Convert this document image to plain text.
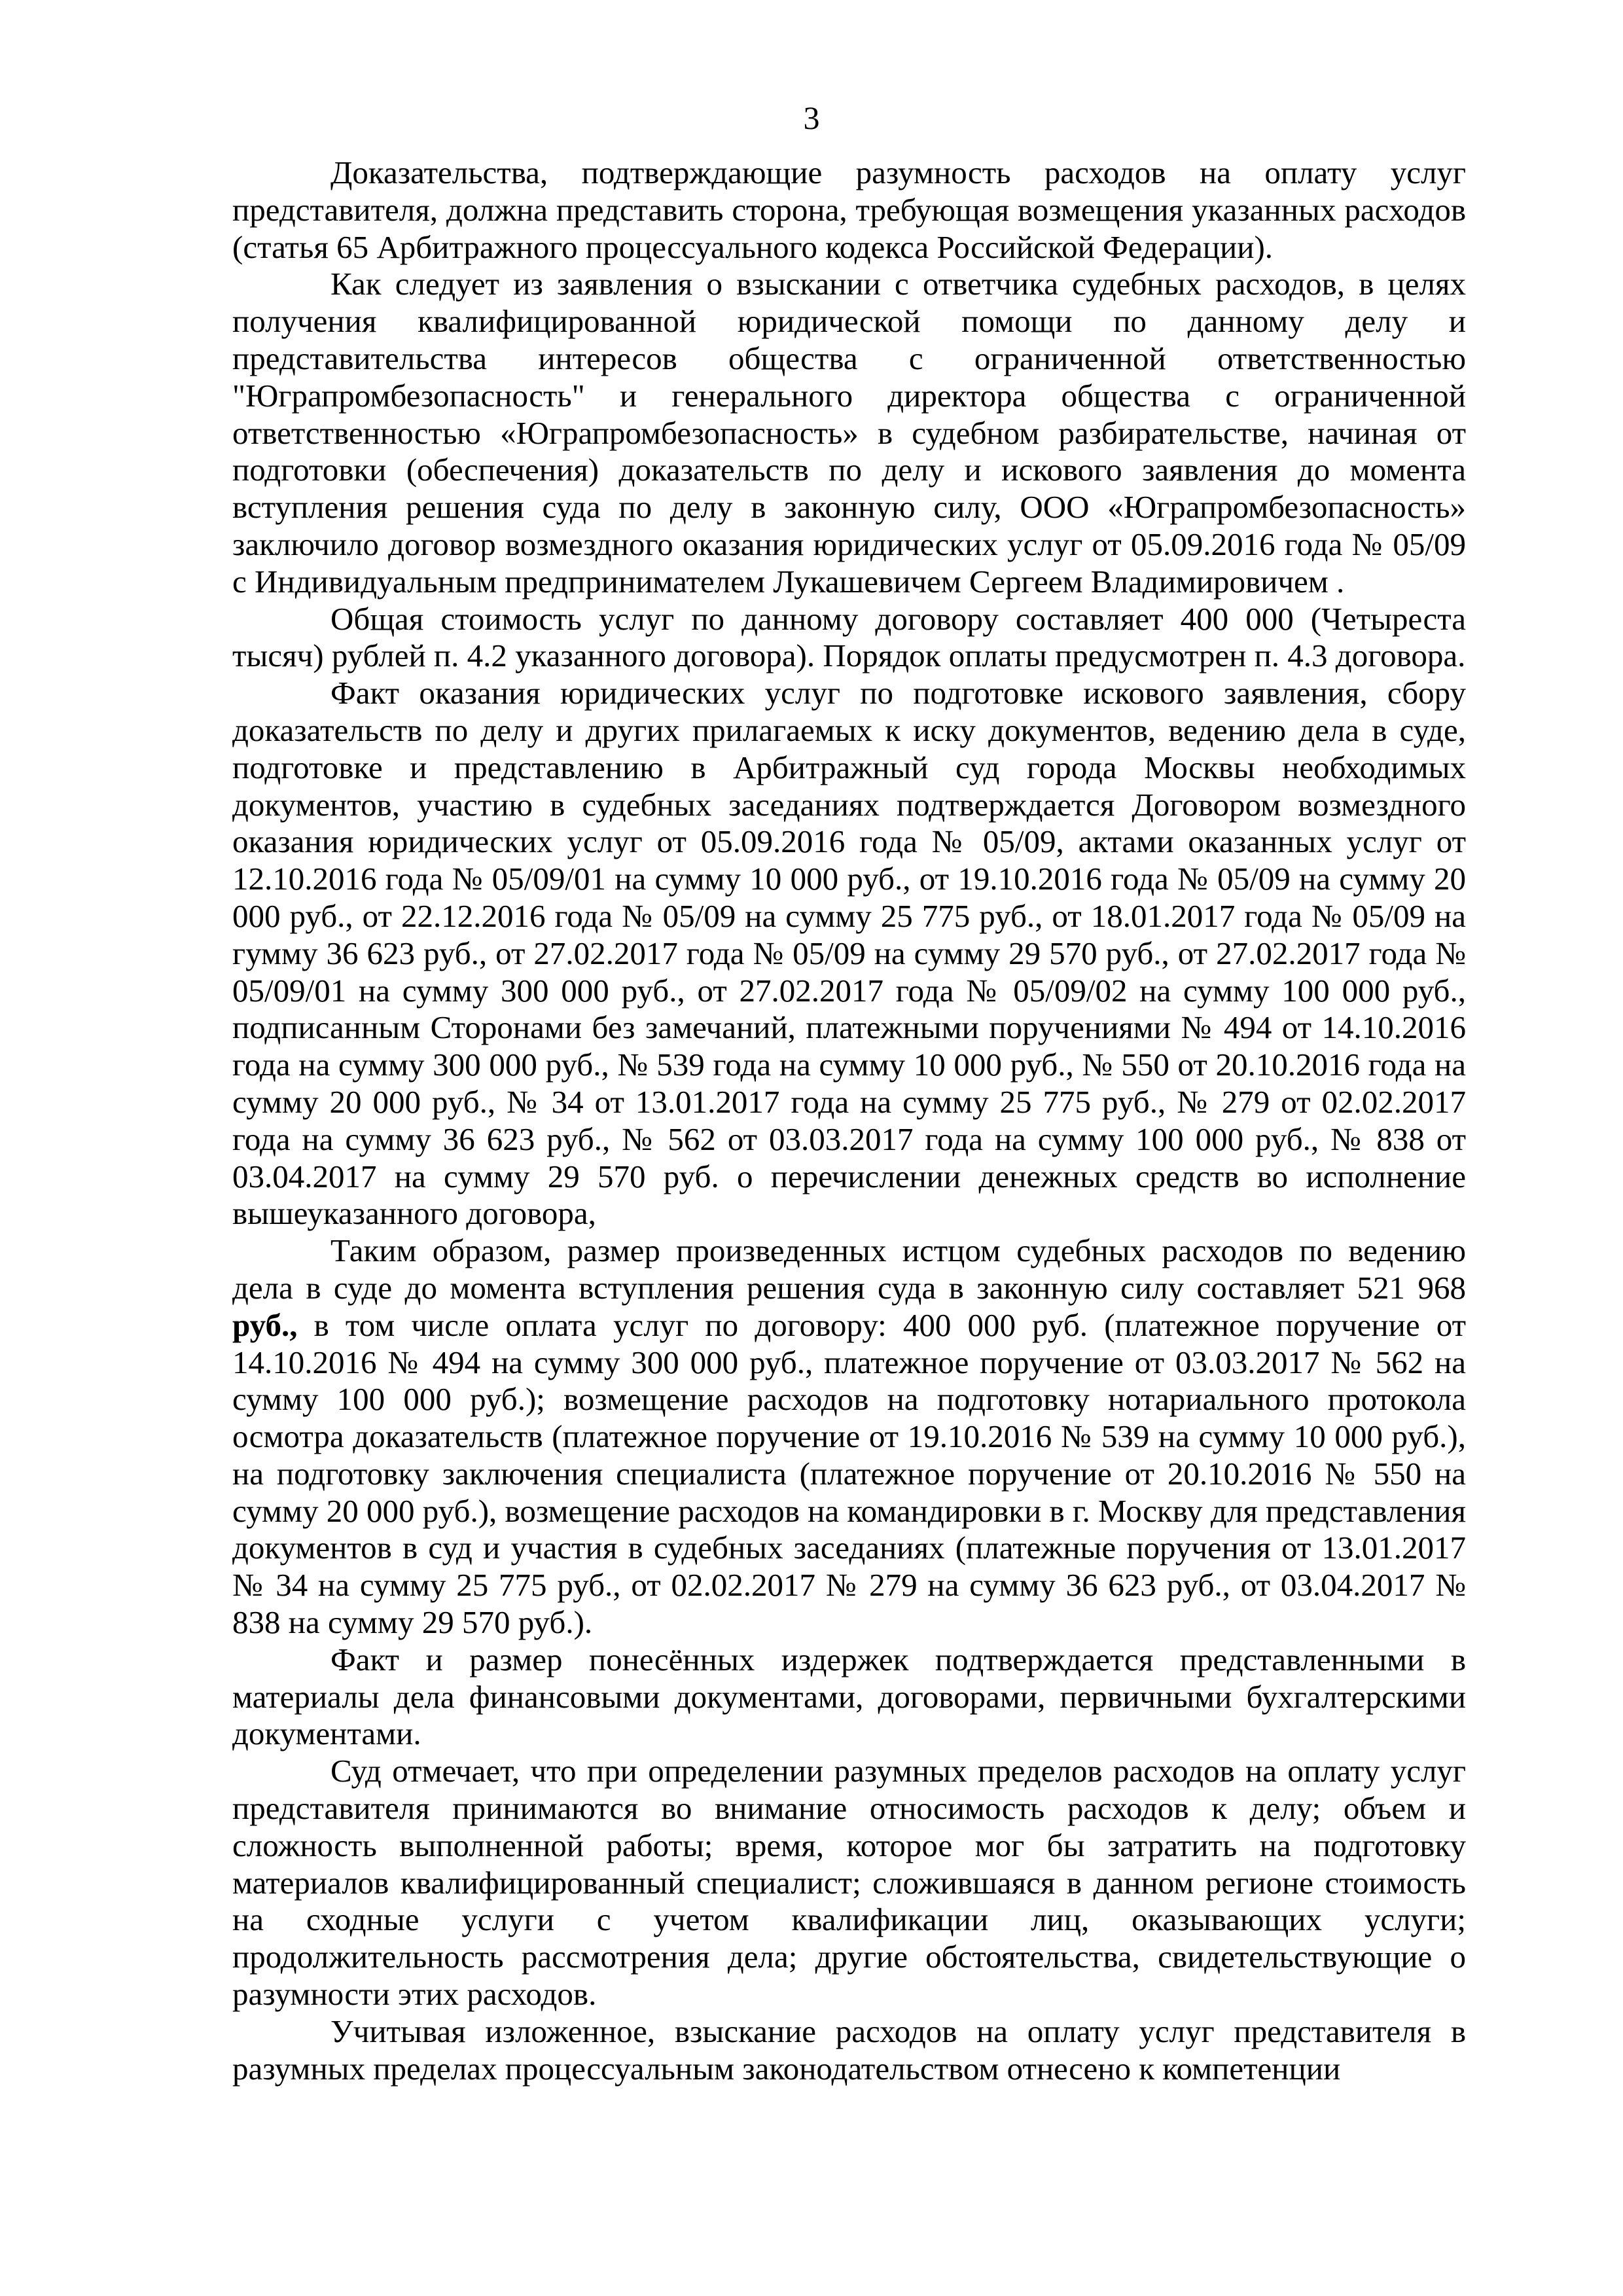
3

Доказательства, подтверждающие разумность расходов на оплату услуг представителя, должна представить сторона, требующая возмещения указанных расходов (статья 65 Арбитражного процессуального кодекса Российской Федерации).

Как следует из заявления о взыскании с ответчика судебных расходов, в целях получения квалифицированной юридической помощи по данному делу и представительства интересов общества с ограниченной ответственностью "Юграпромбезопасность" и генерального директора общества с ограниченной ответственностью «Юграпромбезопасность» в судебном разбирательстве, начиная от подготовки (обеспечения) доказательств по делу и искового заявления до момента вступления решения суда по делу в законную силу, ООО «Юграпромбезопасность» заключило договор возмездного оказания юридических услуг от 05.09.2016 года № 05/09 с Индивидуальным предпринимателем Лукашевичем Сергеем Владимировичем .

Общая стоимость услуг по данному договору составляет 400 000 (Четыреста тысяч) рублей п. 4.2 указанного договора). Порядок оплаты предусмотрен п. 4.3 договора.

Факт оказания юридических услуг по подготовке искового заявления, сбору доказательств по делу и других прилагаемых к иску документов, ведению дела в суде, подготовке и представлению в Арбитражный суд города Москвы необходимых документов, участию в судебных заседаниях подтверждается Договором возмездного оказания юридических услуг от 05.09.2016 года № 05/09, актами оказанных услуг от 12.10.2016 года № 05/09/01 на сумму 10 000 руб., от 19.10.2016 года № 05/09 на сумму 20 000 руб., от 22.12.2016 года № 05/09 на сумму 25 775 руб., от 18.01.2017 года № 05/09 на гумму 36 623 руб., от 27.02.2017 года № 05/09 на сумму 29 570 руб., от 27.02.2017 года № 05/09/01 на сумму 300 000 руб., от 27.02.2017 года № 05/09/02 на сумму 100 000 руб., подписанным Сторонами без замечаний, платежными поручениями № 494 от 14.10.2016 года на сумму 300 000 руб., № 539 года на сумму 10 000 руб., № 550 от 20.10.2016 года на сумму 20 000 руб., № 34 от 13.01.2017 года на сумму 25 775 руб., № 279 от 02.02.2017 года на сумму 36 623 руб., № 562 от 03.03.2017 года на сумму 100 000 руб., № 838 от 03.04.2017 на сумму 29 570 руб. о перечислении денежных средств во исполнение вышеуказанного договора,

Таким образом, размер произведенных истцом судебных расходов по ведению дела в суде до момента вступления решения суда в законную силу составляет 521 968 руб., в том числе оплата услуг по договору: 400 000 руб. (платежное поручение от 14.10.2016 № 494 на сумму 300 000 руб., платежное поручение от 03.03.2017 № 562 на сумму 100 000 руб.); возмещение расходов на подготовку нотариального протокола осмотра доказательств (платежное поручение от 19.10.2016 № 539 на сумму 10 000 руб.), на подготовку заключения специалиста (платежное поручение от 20.10.2016 № 550 на сумму 20 000 руб.), возмещение расходов на командировки в г. Москву для представления документов в суд и участия в судебных заседаниях (платежные поручения от 13.01.2017 № 34 на сумму 25 775 руб., от 02.02.2017 № 279 на сумму 36 623 руб., от 03.04.2017 № 838 на сумму 29 570 руб.).

Факт и размер понесённых издержек подтверждается представленными в материалы дела финансовыми документами, договорами, первичными бухгалтерскими документами.

Суд отмечает, что при определении разумных пределов расходов на оплату услуг представителя принимаются во внимание относимость расходов к делу; объем и сложность выполненной работы; время, которое мог бы затратить на подготовку материалов квалифицированный специалист; сложившаяся в данном регионе стоимость на сходные услуги с учетом квалификации лиц, оказывающих услуги; продолжительность рассмотрения дела; другие обстоятельства, свидетельствующие о разумности этих расходов.

Учитывая изложенное, взыскание расходов на оплату услуг представителя в разумных пределах процессуальным законодательством отнесено к компетенции
